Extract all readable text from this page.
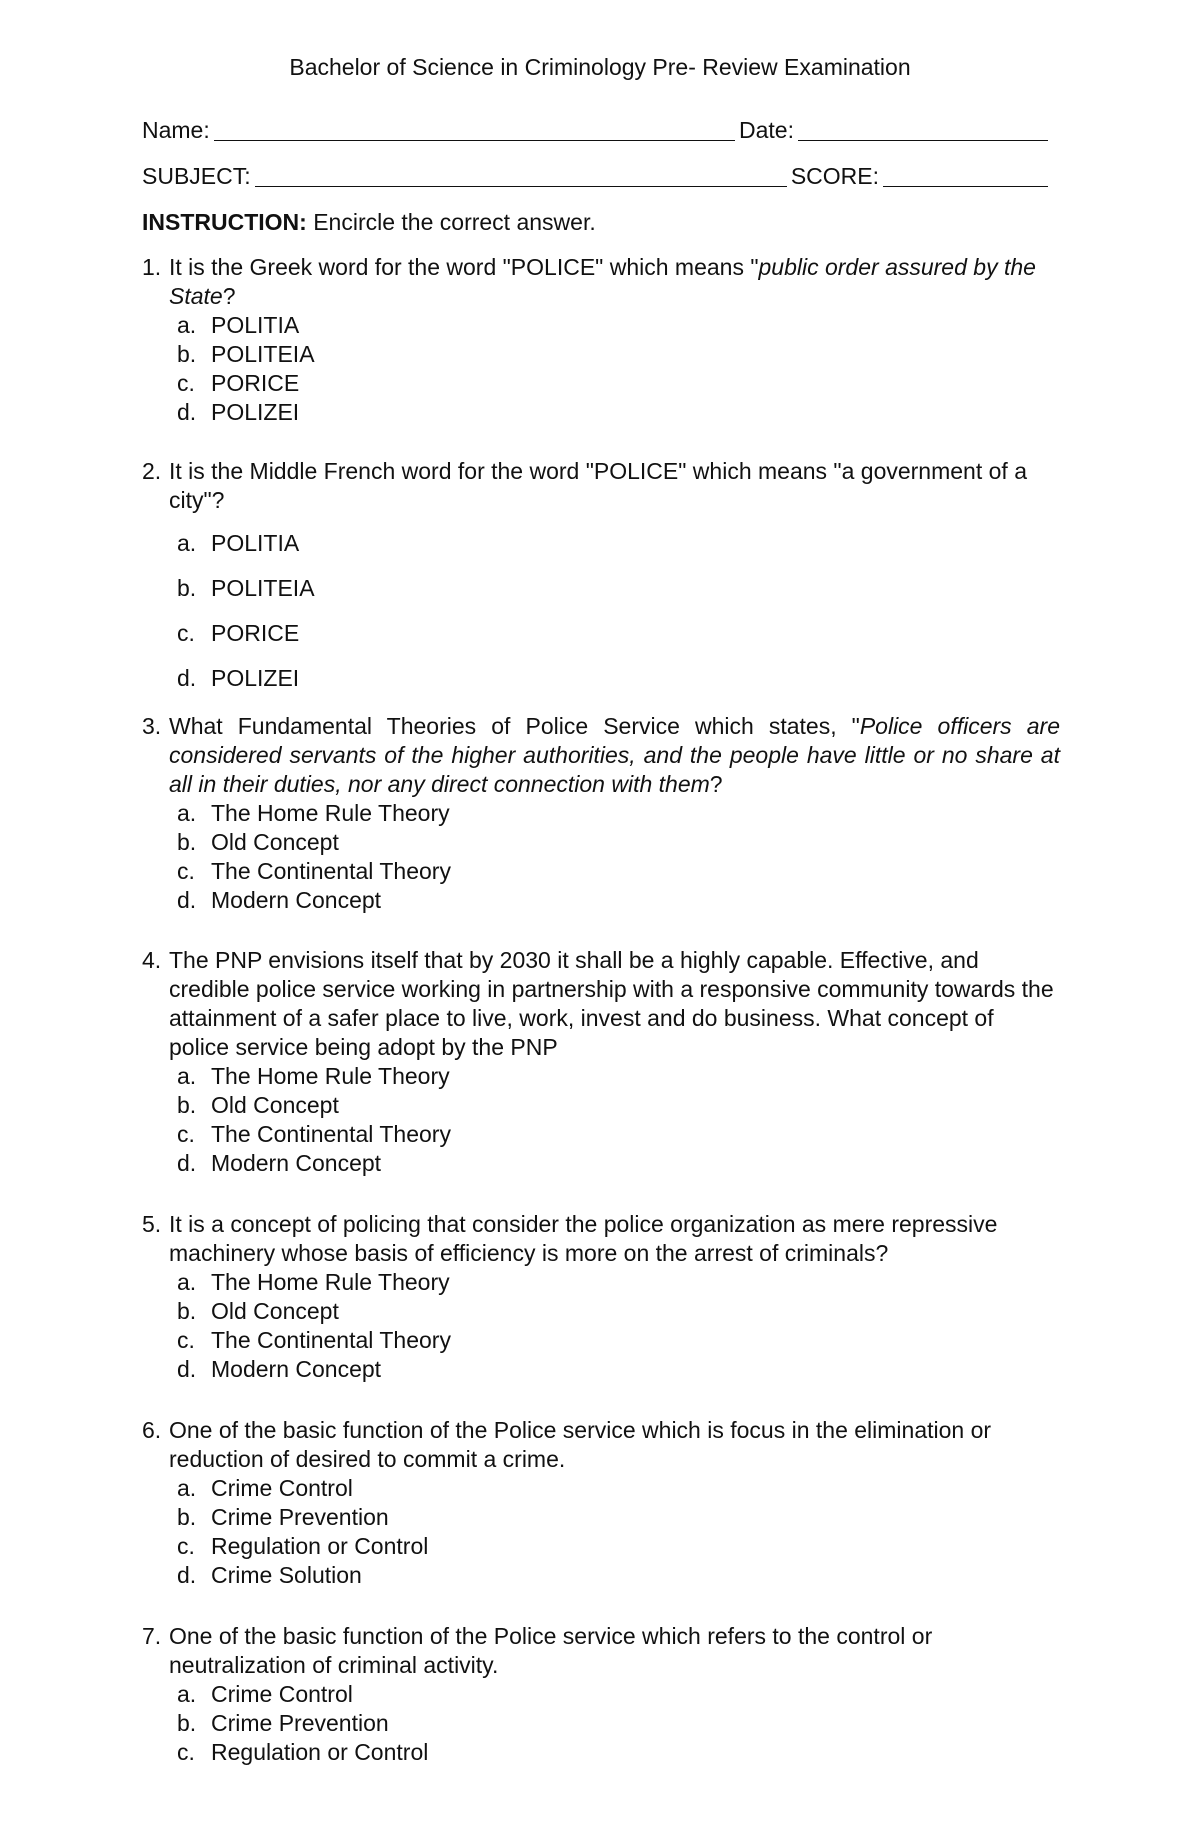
Bachelor of Science in Criminology Pre- Review Examination
Name:	Date:
SUBJECT:	SCORE:
INSTRUCTION: Encircle the correct answer.
1. It is the Greek word for the word "POLICE" which means "public order assured by the State?
a. POLITIA
b. POLITEIA
c. PORICE
d. POLIZEI
2. It is the Middle French word for the word "POLICE" which means "a government of a city"?
a. POLITIA
b. POLITEIA
c. PORICE
d. POLIZEI
3. What Fundamental Theories of Police Service which states, "Police officers are considered servants of the higher authorities, and the people have little or no share at all in their duties, nor any direct connection with them?
a. The Home Rule Theory
b. Old Concept
c. The Continental Theory
d. Modern Concept
4. The PNP envisions itself that by 2030 it shall be a highly capable. Effective, and credible police service working in partnership with a responsive community towards the attainment of a safer place to live, work, invest and do business. What concept of police service being adopt by the PNP
a. The Home Rule Theory
b. Old Concept
c. The Continental Theory
d. Modern Concept
5. It is a concept of policing that consider the police organization as mere repressive machinery whose basis of efficiency is more on the arrest of criminals?
a. The Home Rule Theory
b. Old Concept
c. The Continental Theory
d. Modern Concept
6. One of the basic function of the Police service which is focus in the elimination or reduction of desired to commit a crime.
a. Crime Control
b. Crime Prevention
c. Regulation or Control
d. Crime Solution
7. One of the basic function of the Police service which refers to the control or neutralization of criminal activity.
a. Crime Control
b. Crime Prevention
c. Regulation or Control
